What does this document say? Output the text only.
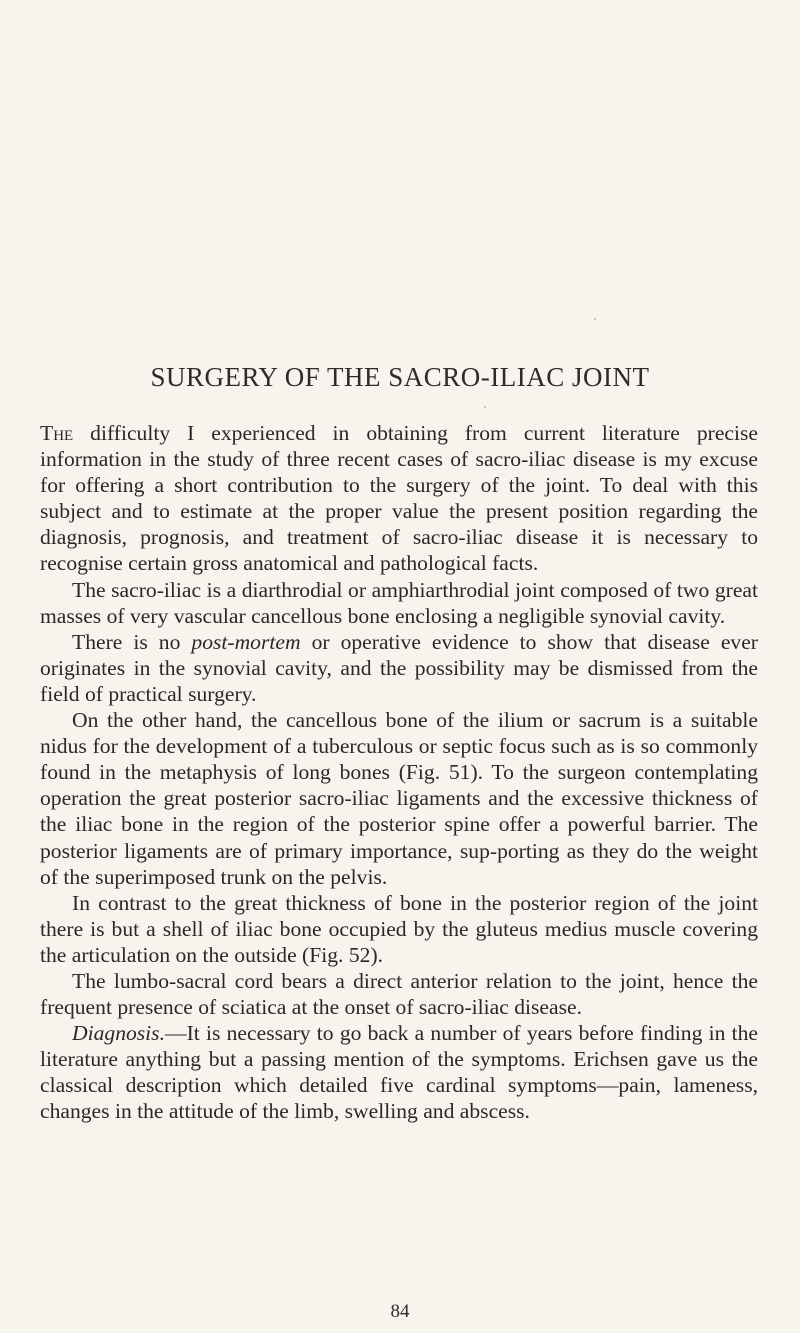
SURGERY OF THE SACRO-ILIAC JOINT

The difficulty I experienced in obtaining from current literature precise information in the study of three recent cases of sacro-iliac disease is my excuse for offering a short contribution to the surgery of the joint. To deal with this subject and to estimate at the proper value the present position regarding the diagnosis, prognosis, and treatment of sacro-iliac disease it is necessary to recognise certain gross anatomical and pathological facts.

The sacro-iliac is a diarthrodial or amphiarthrodial joint composed of two great masses of very vascular cancellous bone enclosing a negligible synovial cavity.

There is no post-mortem or operative evidence to show that disease ever originates in the synovial cavity, and the possibility may be dismissed from the field of practical surgery.

On the other hand, the cancellous bone of the ilium or sacrum is a suitable nidus for the development of a tuberculous or septic focus such as is so commonly found in the metaphysis of long bones (Fig. 51). To the surgeon contemplating operation the great posterior sacro-iliac ligaments and the excessive thickness of the iliac bone in the region of the posterior spine offer a powerful barrier. The posterior ligaments are of primary importance, sup-porting as they do the weight of the superimposed trunk on the pelvis.

In contrast to the great thickness of bone in the posterior region of the joint there is but a shell of iliac bone occupied by the gluteus medius muscle covering the articulation on the outside (Fig. 52).

The lumbo-sacral cord bears a direct anterior relation to the joint, hence the frequent presence of sciatica at the onset of sacro-iliac disease.

Diagnosis.—It is necessary to go back a number of years before finding in the literature anything but a passing mention of the symptoms. Erichsen gave us the classical description which detailed five cardinal symptoms—pain, lameness, changes in the attitude of the limb, swelling and abscess.

84
